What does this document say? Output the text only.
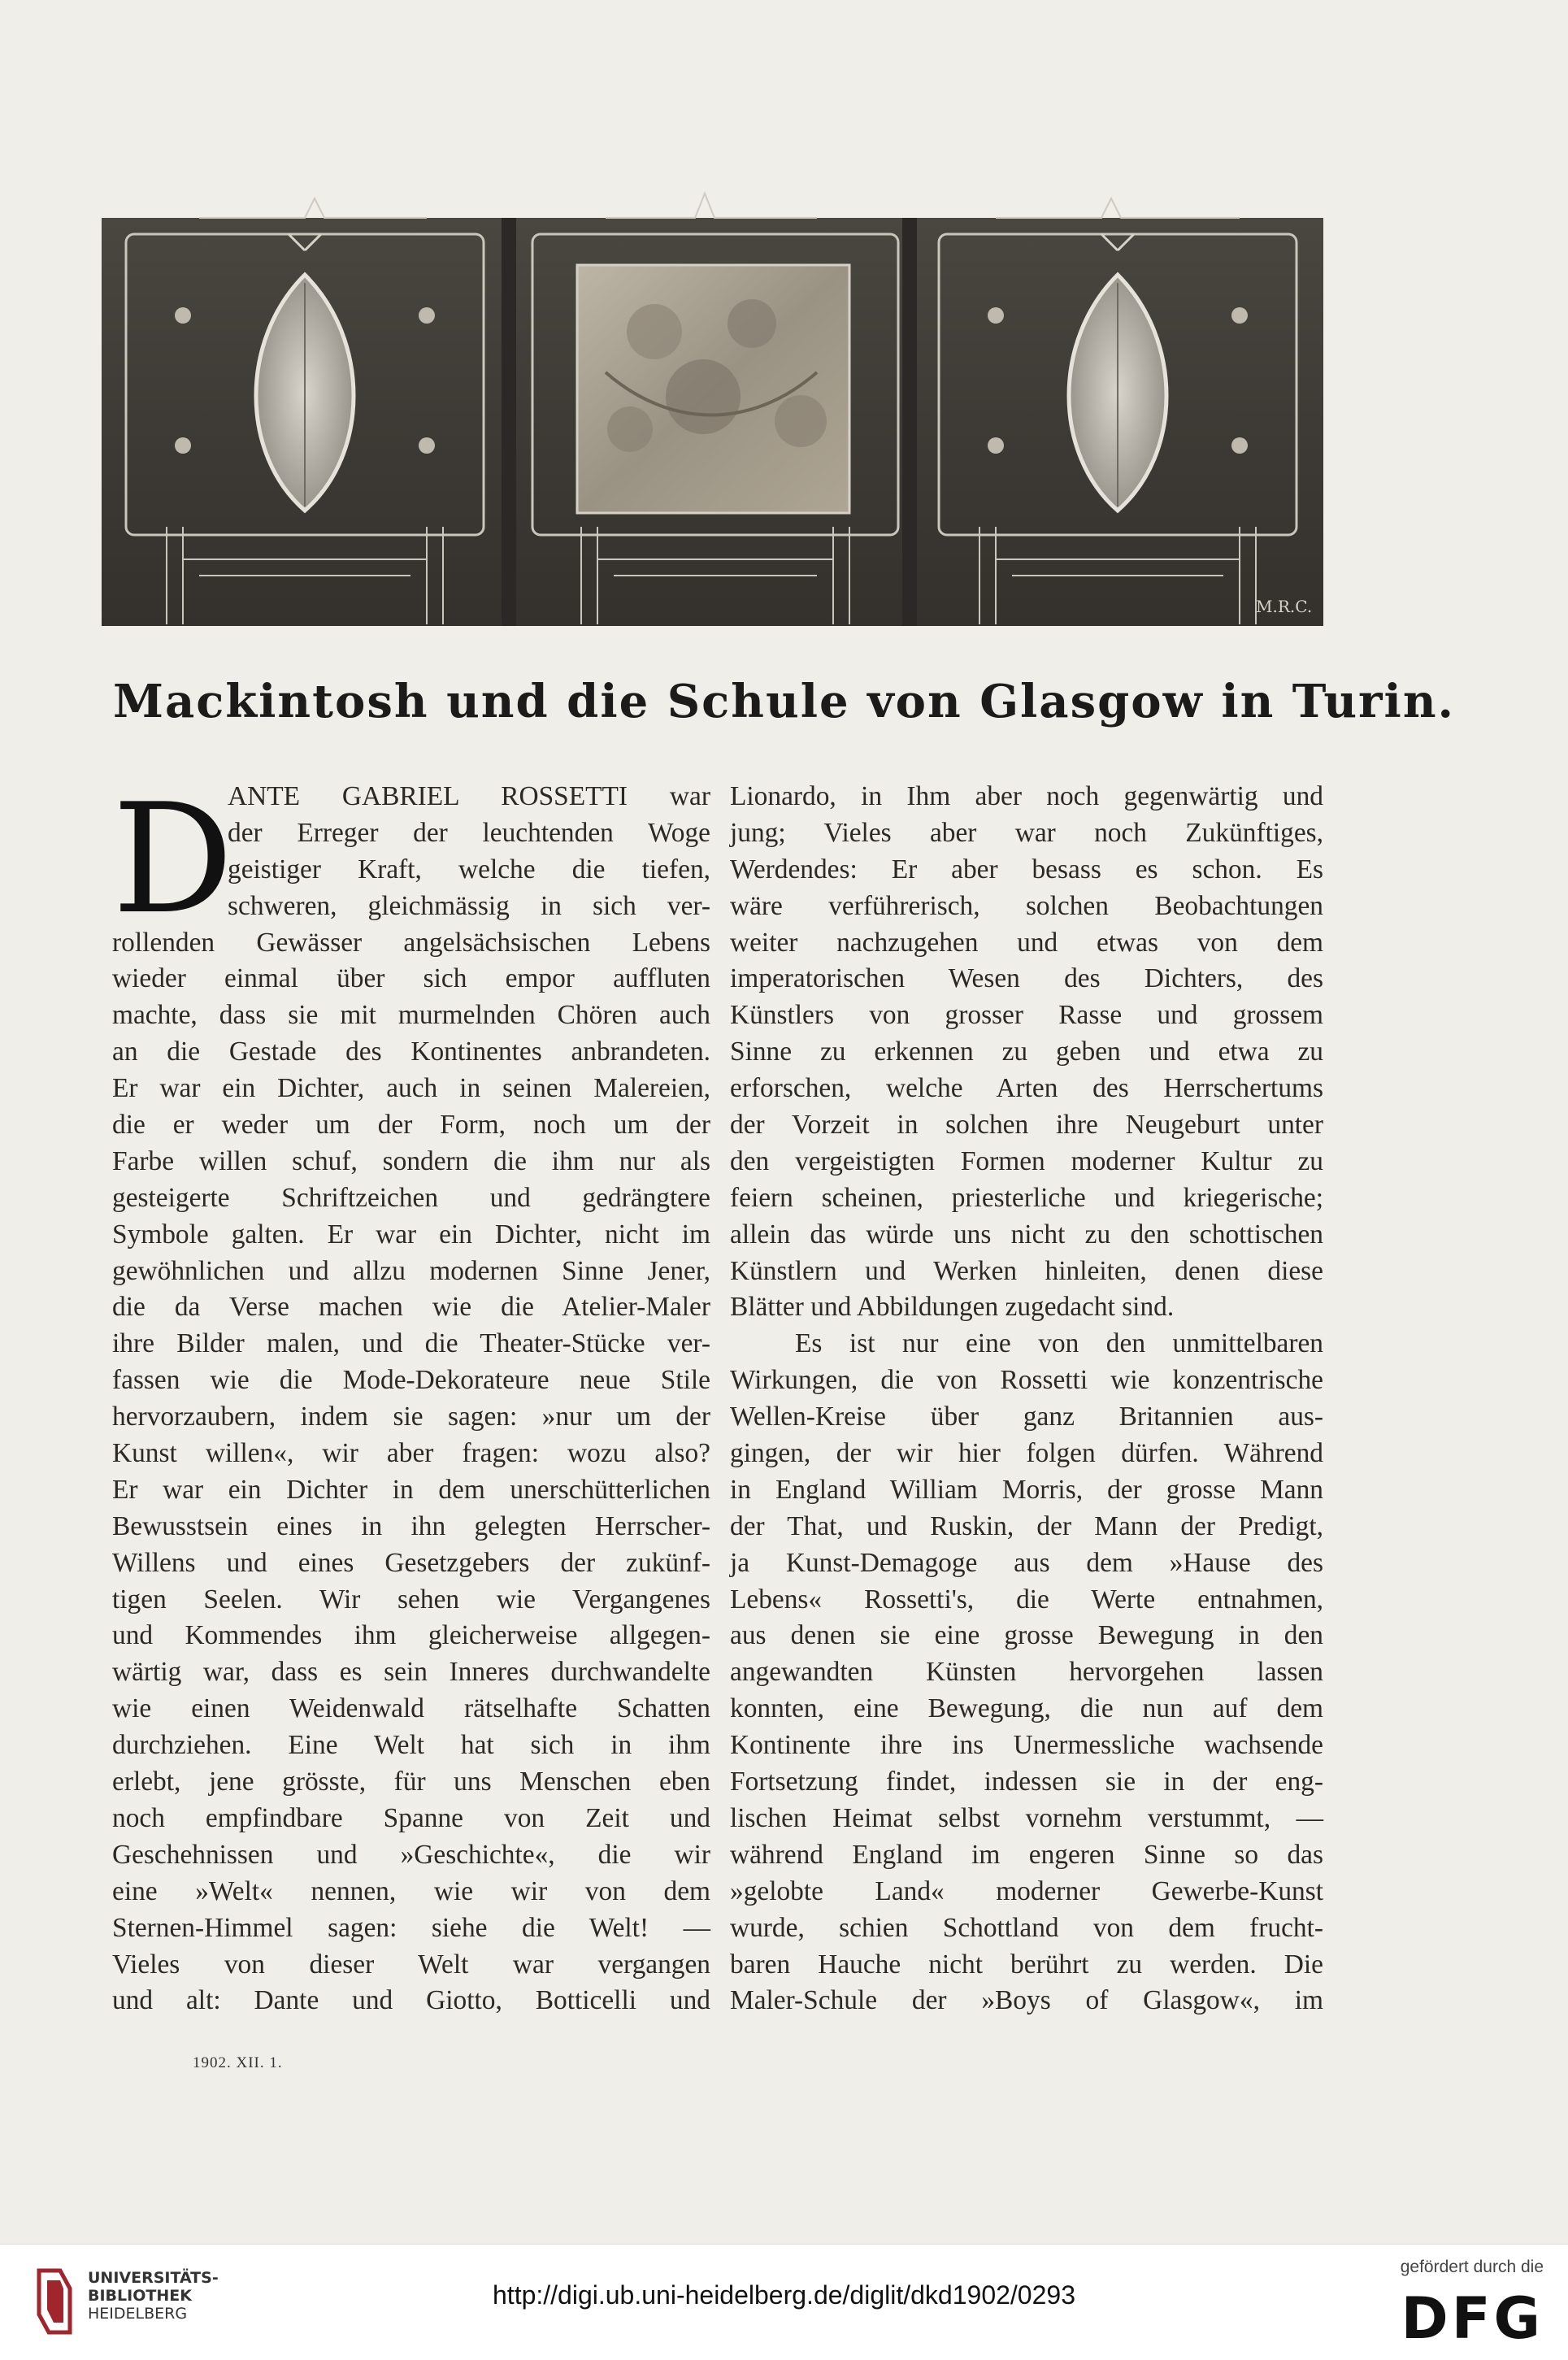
M.R.C.
Mackintosh und die Schule von Glasgow in Turin.
D
ANTE GABRIEL ROSSETTI war
der Erreger der leuchtenden Woge
geistiger Kraft, welche die tiefen,
schweren, gleichmässig in sich ver-
rollenden Gewässer angelsächsischen Lebens
wieder einmal über sich empor auffluten
machte, dass sie mit murmelnden Chören auch
an die Gestade des Kontinentes anbrandeten.
Er war ein Dichter, auch in seinen Malereien,
die er weder um der Form, noch um der
Farbe willen schuf, sondern die ihm nur als
gesteigerte Schriftzeichen und gedrängtere
Symbole galten. Er war ein Dichter, nicht im
gewöhnlichen und allzu modernen Sinne Jener,
die da Verse machen wie die Atelier-Maler
ihre Bilder malen, und die Theater-Stücke ver-
fassen wie die Mode-Dekorateure neue Stile
hervorzaubern, indem sie sagen: »nur um der
Kunst willen«, wir aber fragen: wozu also?
Er war ein Dichter in dem unerschütterlichen
Bewusstsein eines in ihn gelegten Herrscher-
Willens und eines Gesetzgebers der zukünf-
tigen Seelen. Wir sehen wie Vergangenes
und Kommendes ihm gleicherweise allgegen-
wärtig war, dass es sein Inneres durchwandelte
wie einen Weidenwald rätselhafte Schatten
durchziehen. Eine Welt hat sich in ihm
erlebt, jene grösste, für uns Menschen eben
noch empfindbare Spanne von Zeit und
Geschehnissen und »Geschichte«, die wir
eine »Welt« nennen, wie wir von dem
Sternen-Himmel sagen: siehe die Welt! —
Vieles von dieser Welt war vergangen
und alt: Dante und Giotto, Botticelli und
Lionardo, in Ihm aber noch gegenwärtig und
jung; Vieles aber war noch Zukünftiges,
Werdendes: Er aber besass es schon. Es
wäre verführerisch, solchen Beobachtungen
weiter nachzugehen und etwas von dem
imperatorischen Wesen des Dichters, des
Künstlers von grosser Rasse und grossem
Sinne zu erkennen zu geben und etwa zu
erforschen, welche Arten des Herrschertums
der Vorzeit in solchen ihre Neugeburt unter
den vergeistigten Formen moderner Kultur zu
feiern scheinen, priesterliche und kriegerische;
allein das würde uns nicht zu den schottischen
Künstlern und Werken hinleiten, denen diese
Blätter und Abbildungen zugedacht sind.
Es ist nur eine von den unmittelbaren
Wirkungen, die von Rossetti wie konzentrische
Wellen-Kreise über ganz Britannien aus-
gingen, der wir hier folgen dürfen. Während
in England William Morris, der grosse Mann
der That, und Ruskin, der Mann der Predigt,
ja Kunst-Demagoge aus dem »Hause des
Lebens« Rossetti's, die Werte entnahmen,
aus denen sie eine grosse Bewegung in den
angewandten Künsten hervorgehen lassen
konnten, eine Bewegung, die nun auf dem
Kontinente ihre ins Unermessliche wachsende
Fortsetzung findet, indessen sie in der eng-
lischen Heimat selbst vornehm verstummt, —
während England im engeren Sinne so das
»gelobte Land« moderner Gewerbe-Kunst
wurde, schien Schottland von dem frucht-
baren Hauche nicht berührt zu werden. Die
Maler-Schule der »Boys of Glasgow«, im
1902. XII. 1.
UNIVERSITÄTS-
BIBLIOTHEK
HEIDELBERG
http://digi.ub.uni-heidelberg.de/diglit/dkd1902/0293
gefördert durch die
DFG
